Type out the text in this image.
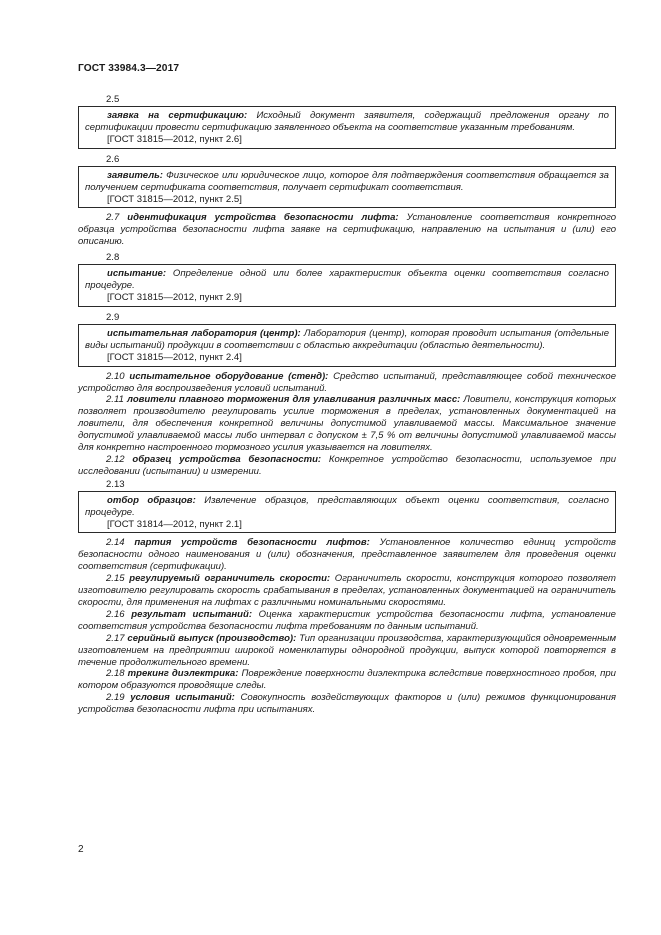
ГОСТ 33984.3—2017
2.5

заявка на сертификацию: Исходный документ заявителя, содержащий предложения органу по сертификации провести сертификацию заявленного объекта на соответствие указанным требованиям.

[ГОСТ 31815—2012, пункт 2.6]

2.6

заявитель: Физическое или юридическое лицо, которое для подтверждения соответствия обращается за получением сертификата соответствия, получает сертификат соответствия.

[ГОСТ 31815—2012, пункт 2.5]

2.7 идентификация устройства безопасности лифта: Установление соответствия конкретного образца устройства безопасности лифта заявке на сертификацию, направлению на испытания и (или) его описанию.

2.8

испытание: Определение одной или более характеристик объекта оценки соответствия согласно процедуре.

[ГОСТ 31815—2012, пункт 2.9]

2.9

испытательная лаборатория (центр): Лаборатория (центр), которая проводит испытания (отдельные виды испытаний) продукции в соответствии с областью аккредитации (областью деятельности).

[ГОСТ 31815—2012, пункт 2.4]

2.10 испытательное оборудование (стенд): Средство испытаний, представляющее собой техническое устройство для воспроизведения условий испытаний.

2.11 ловители плавного торможения для улавливания различных масс: Ловители, конструкция которых позволяет производителю регулировать усилие торможения в пределах, установленных документацией на ловители, для обеспечения конкретной величины допустимой улавливаемой массы. Максимальное значение допустимой улавливаемой массы либо интервал с допуском ± 7,5 % от величины допустимой улавливаемой массы для конкретно настроенного тормозного усилия указывается на ловителях.

2.12 образец устройства безопасности: Конкретное устройство безопасности, используемое при исследовании (испытании) и измерении.

2.13

отбор образцов: Извлечение образцов, представляющих объект оценки соответствия, согласно процедуре.

[ГОСТ 31814—2012, пункт 2.1]

2.14 партия устройств безопасности лифтов: Установленное количество единиц устройств безопасности одного наименования и (или) обозначения, представленное заявителем для проведения оценки соответствия (сертификации).

2.15 регулируемый ограничитель скорости: Ограничитель скорости, конструкция которого позволяет изготовителю регулировать скорость срабатывания в пределах, установленных документацией на ограничитель скорости, для применения на лифтах с различными номинальными скоростями.

2.16 результат испытаний: Оценка характеристик устройства безопасности лифта, установление соответствия устройства безопасности лифта требованиям по данным испытаний.

2.17 серийный выпуск (производство): Тип организации производства, характеризующийся одновременным изготовлением на предприятии широкой номенклатуры однородной продукции, выпуск которой повторяется в течение продолжительного времени.

2.18 трекинг диэлектрика: Повреждение поверхности диэлектрика вследствие поверхностного пробоя, при котором образуются проводящие следы.

2.19 условия испытаний: Совокупность воздействующих факторов и (или) режимов функционирования устройства безопасности лифта при испытаниях.

2
